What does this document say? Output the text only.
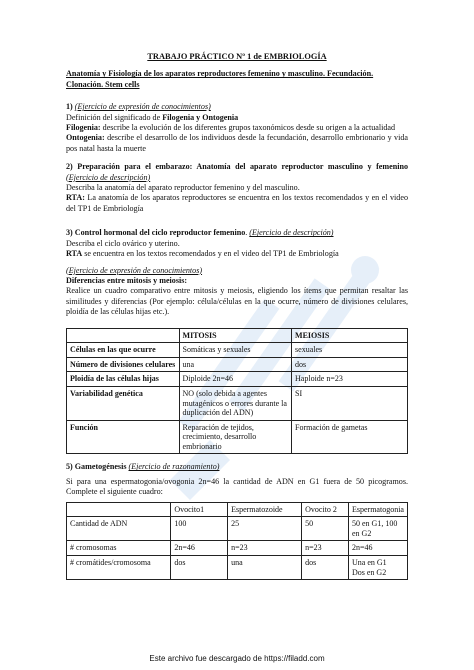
TRABAJO PRÁCTICO Nº 1 de EMBRIOLOGÍA
Anatomía y Fisiología de los aparatos reproductores femenino y masculino. Fecundación. Clonación. Stem cells

1) (Ejercicio de expresión de conocimientos)

Definición del significado de Filogenia y Ontogenia

Filogenia: describe la evolución de los diferentes grupos taxonómicos desde su origen a la actualidad

Ontogenia: describe el desarrollo de los individuos desde la fecundación, desarrollo embrionario y vida pos natal hasta la muerte

2) Preparación para el embarazo: Anatomía del aparato reproductor masculino y femenino (Ejercicio de descripción)

Describa la anatomía del aparato reproductor femenino y del masculino.

RTA: La anatomía de los aparatos reproductores se encuentra en los textos recomendados y en el video del TP1 de Embriología

3) Control hormonal del ciclo reproductor femenino. (Ejercicio de descripción)

Describa el ciclo ovárico y uterino.

RTA se encuentra en los textos recomendados y en el video del TP1 de Embriología

(Ejercicio de expresión de conocimientos)

Diferencias entre mitosis y meiosis:

Realice un cuadro comparativo entre mitosis y meiosis, eligiendo los ítems que permitan resaltar las similitudes y diferencias (Por ejemplo: célula/células en la que ocurre, número de divisiones celulares, ploidía de las células hijas etc.).

	MITOSIS	MEIOSIS
Células en las que ocurre	Somáticas y sexuales	sexuales
Número de divisiones celulares	una	dos
Ploidía de las células hijas	Diploide 2n=46	Haploide n=23
Variabilidad genética	NO (solo debida a agentes mutagénicos o errores durante la duplicación del ADN)	SI
Función	Reparación de tejidos, crecimiento, desarrollo embrionario	Formación de gametas

5) Gametogénesis (Ejercicio de razonamiento)

Si para una espermatogonia/ovogonia 2n=46 la cantidad de ADN en G1 fuera de 50 picogramos. Complete el siguiente cuadro:

	Ovocito1	Espermatozoide	Ovocito 2	Espermatogonia
Cantidad de ADN	100	25	50	50 en G1, 100 en G2
# cromosomas	2n=46	n=23	n=23	2n=46
# cromátides/cromosoma	dos	una	dos	Una en G1
Dos en G2
Este archivo fue descargado de https://filadd.com
